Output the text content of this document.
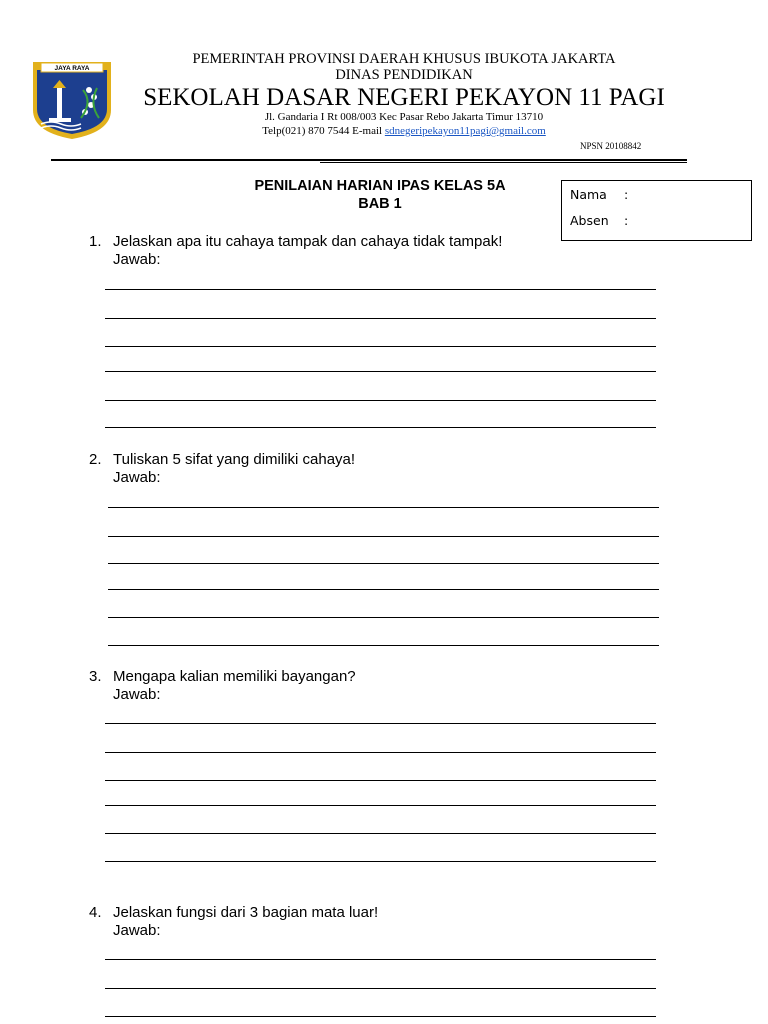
JAYA RAYA
PEMERINTAH PROVINSI DAERAH KHUSUS IBUKOTA JAKARTA
DINAS PENDIDIKAN
SEKOLAH DASAR NEGERI PEKAYON 11 PAGI
Jl. Gandaria I Rt 008/003 Kec Pasar Rebo Jakarta Timur 13710
Telp(021) 870 7544 E-mail sdnegeripekayon11pagi@gmail.com
NPSN 20108842
PENILAIAN HARIAN IPAS KELAS 5A
BAB 1
Nama :
Absen :
1. Jelaskan apa itu cahaya tampak dan cahaya tidak tampak!
Jawab:
2. Tuliskan 5 sifat yang dimiliki cahaya!
Jawab:
3. Mengapa kalian memiliki bayangan?
Jawab:
4. Jelaskan fungsi dari 3 bagian mata luar!
Jawab:
